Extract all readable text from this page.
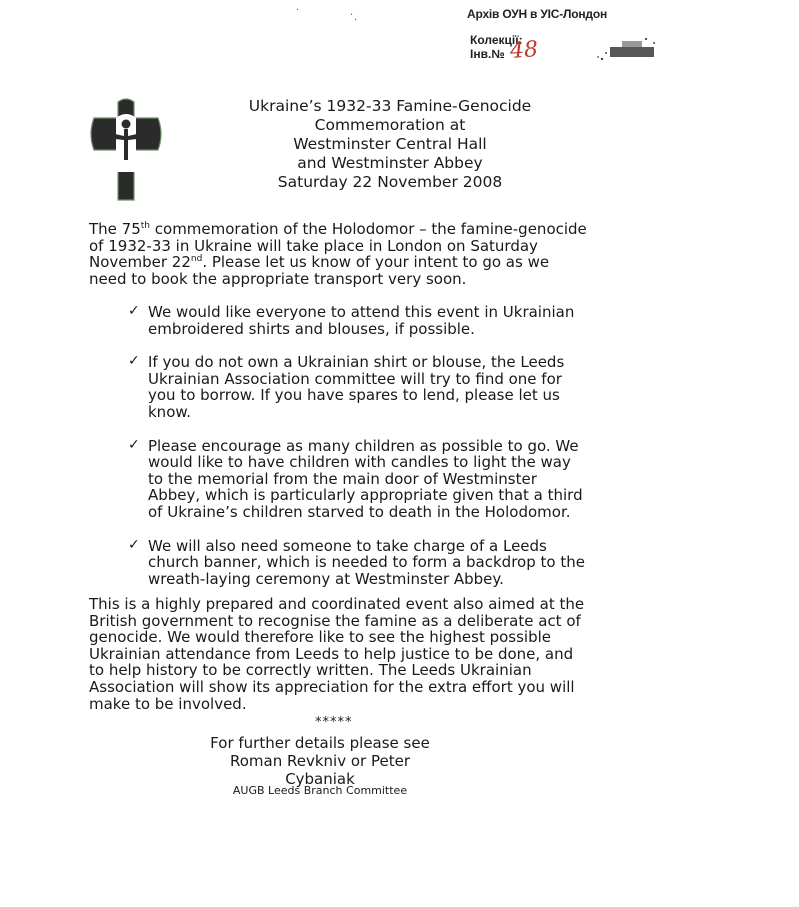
·	· ·	Архів ОУН в УІС-Лондон
Колекції:
Інв.№ 48
Ukraine’s 1932-33 Famine-Genocide
Commemoration at
Westminster Central Hall
and Westminster Abbey
Saturday 22 November 2008

The 75th commemoration of the Holodomor – the famine-genocide of 1932-33 in Ukraine will take place in London on Saturday November 22nd. Please let us know of your intent to go as we need to book the appropriate transport very soon.

✓ We would like everyone to attend this event in Ukrainian embroidered shirts and blouses, if possible.
✓ If you do not own a Ukrainian shirt or blouse, the Leeds Ukrainian Association committee will try to find one for you to borrow. If you have spares to lend, please let us know.
✓ Please encourage as many children as possible to go. We would like to have children with candles to light the way to the memorial from the main door of Westminster Abbey, which is particularly appropriate given that a third of Ukraine’s children starved to death in the Holodomor.
✓ We will also need someone to take charge of a Leeds church banner, which is needed to form a backdrop to the wreath-laying ceremony at Westminster Abbey.

This is a highly prepared and coordinated event also aimed at the British government to recognise the famine as a deliberate act of genocide. We would therefore like to see the highest possible Ukrainian attendance from Leeds to help justice to be done, and to help history to be correctly written. The Leeds Ukrainian Association will show its appreciation for the extra effort you will make to be involved.

*****
For further details please see
Roman Revkniv or Peter Cybaniak
AUGB Leeds Branch Committee
